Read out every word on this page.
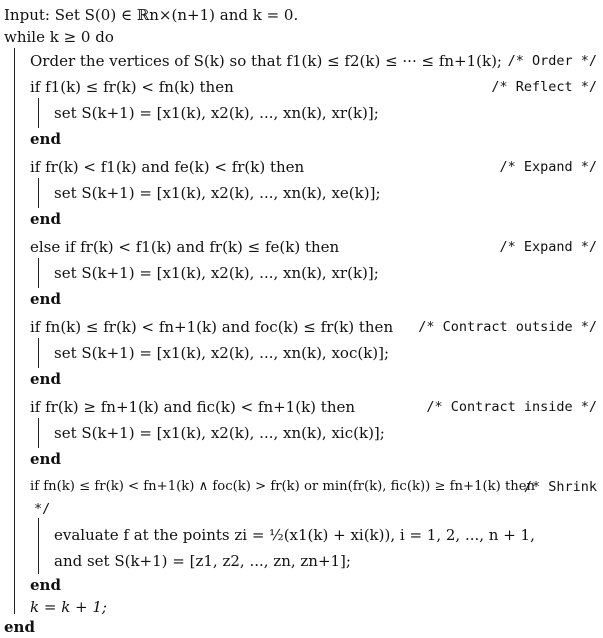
Input: Set S(0) ∈ ℝn×(n+1) and k = 0.
while k ≥ 0 do
Order the vertices of S(k) so that f1(k) ≤ f2(k) ≤ ··· ≤ fn+1(k); /* Order */
if f1(k) ≤ fr(k) < fn(k) then	/* Reflect */
set S(k+1) = [x1(k), x2(k), ..., xn(k), xr(k)];
end
if fr(k) < f1(k) and fe(k) < fr(k) then	/* Expand */
set S(k+1) = [x1(k), x2(k), ..., xn(k), xe(k)];
end
else if fr(k) < f1(k) and fr(k) ≤ fe(k) then	/* Expand */
set S(k+1) = [x1(k), x2(k), ..., xn(k), xr(k)];
end
if fn(k) ≤ fr(k) < fn+1(k) and foc(k) ≤ fr(k) then /* Contract outside */
set S(k+1) = [x1(k), x2(k), ..., xn(k), xoc(k)];
end
if fr(k) ≥ fn+1(k) and fic(k) < fn+1(k) then	/* Contract inside */
set S(k+1) = [x1(k), x2(k), ..., xn(k), xic(k)];
end
if fn(k) ≤ fr(k) < fn+1(k) ∧ foc(k) > fr(k) or min(fr(k), fic(k)) ≥ fn+1(k) then
/* Shrink
*/
evaluate f at the points zi = ½(x1(k) + xi(k)), i = 1, 2, ..., n + 1,
and set S(k+1) = [z1, z2, ..., zn, zn+1];
end
k = k + 1;
end
